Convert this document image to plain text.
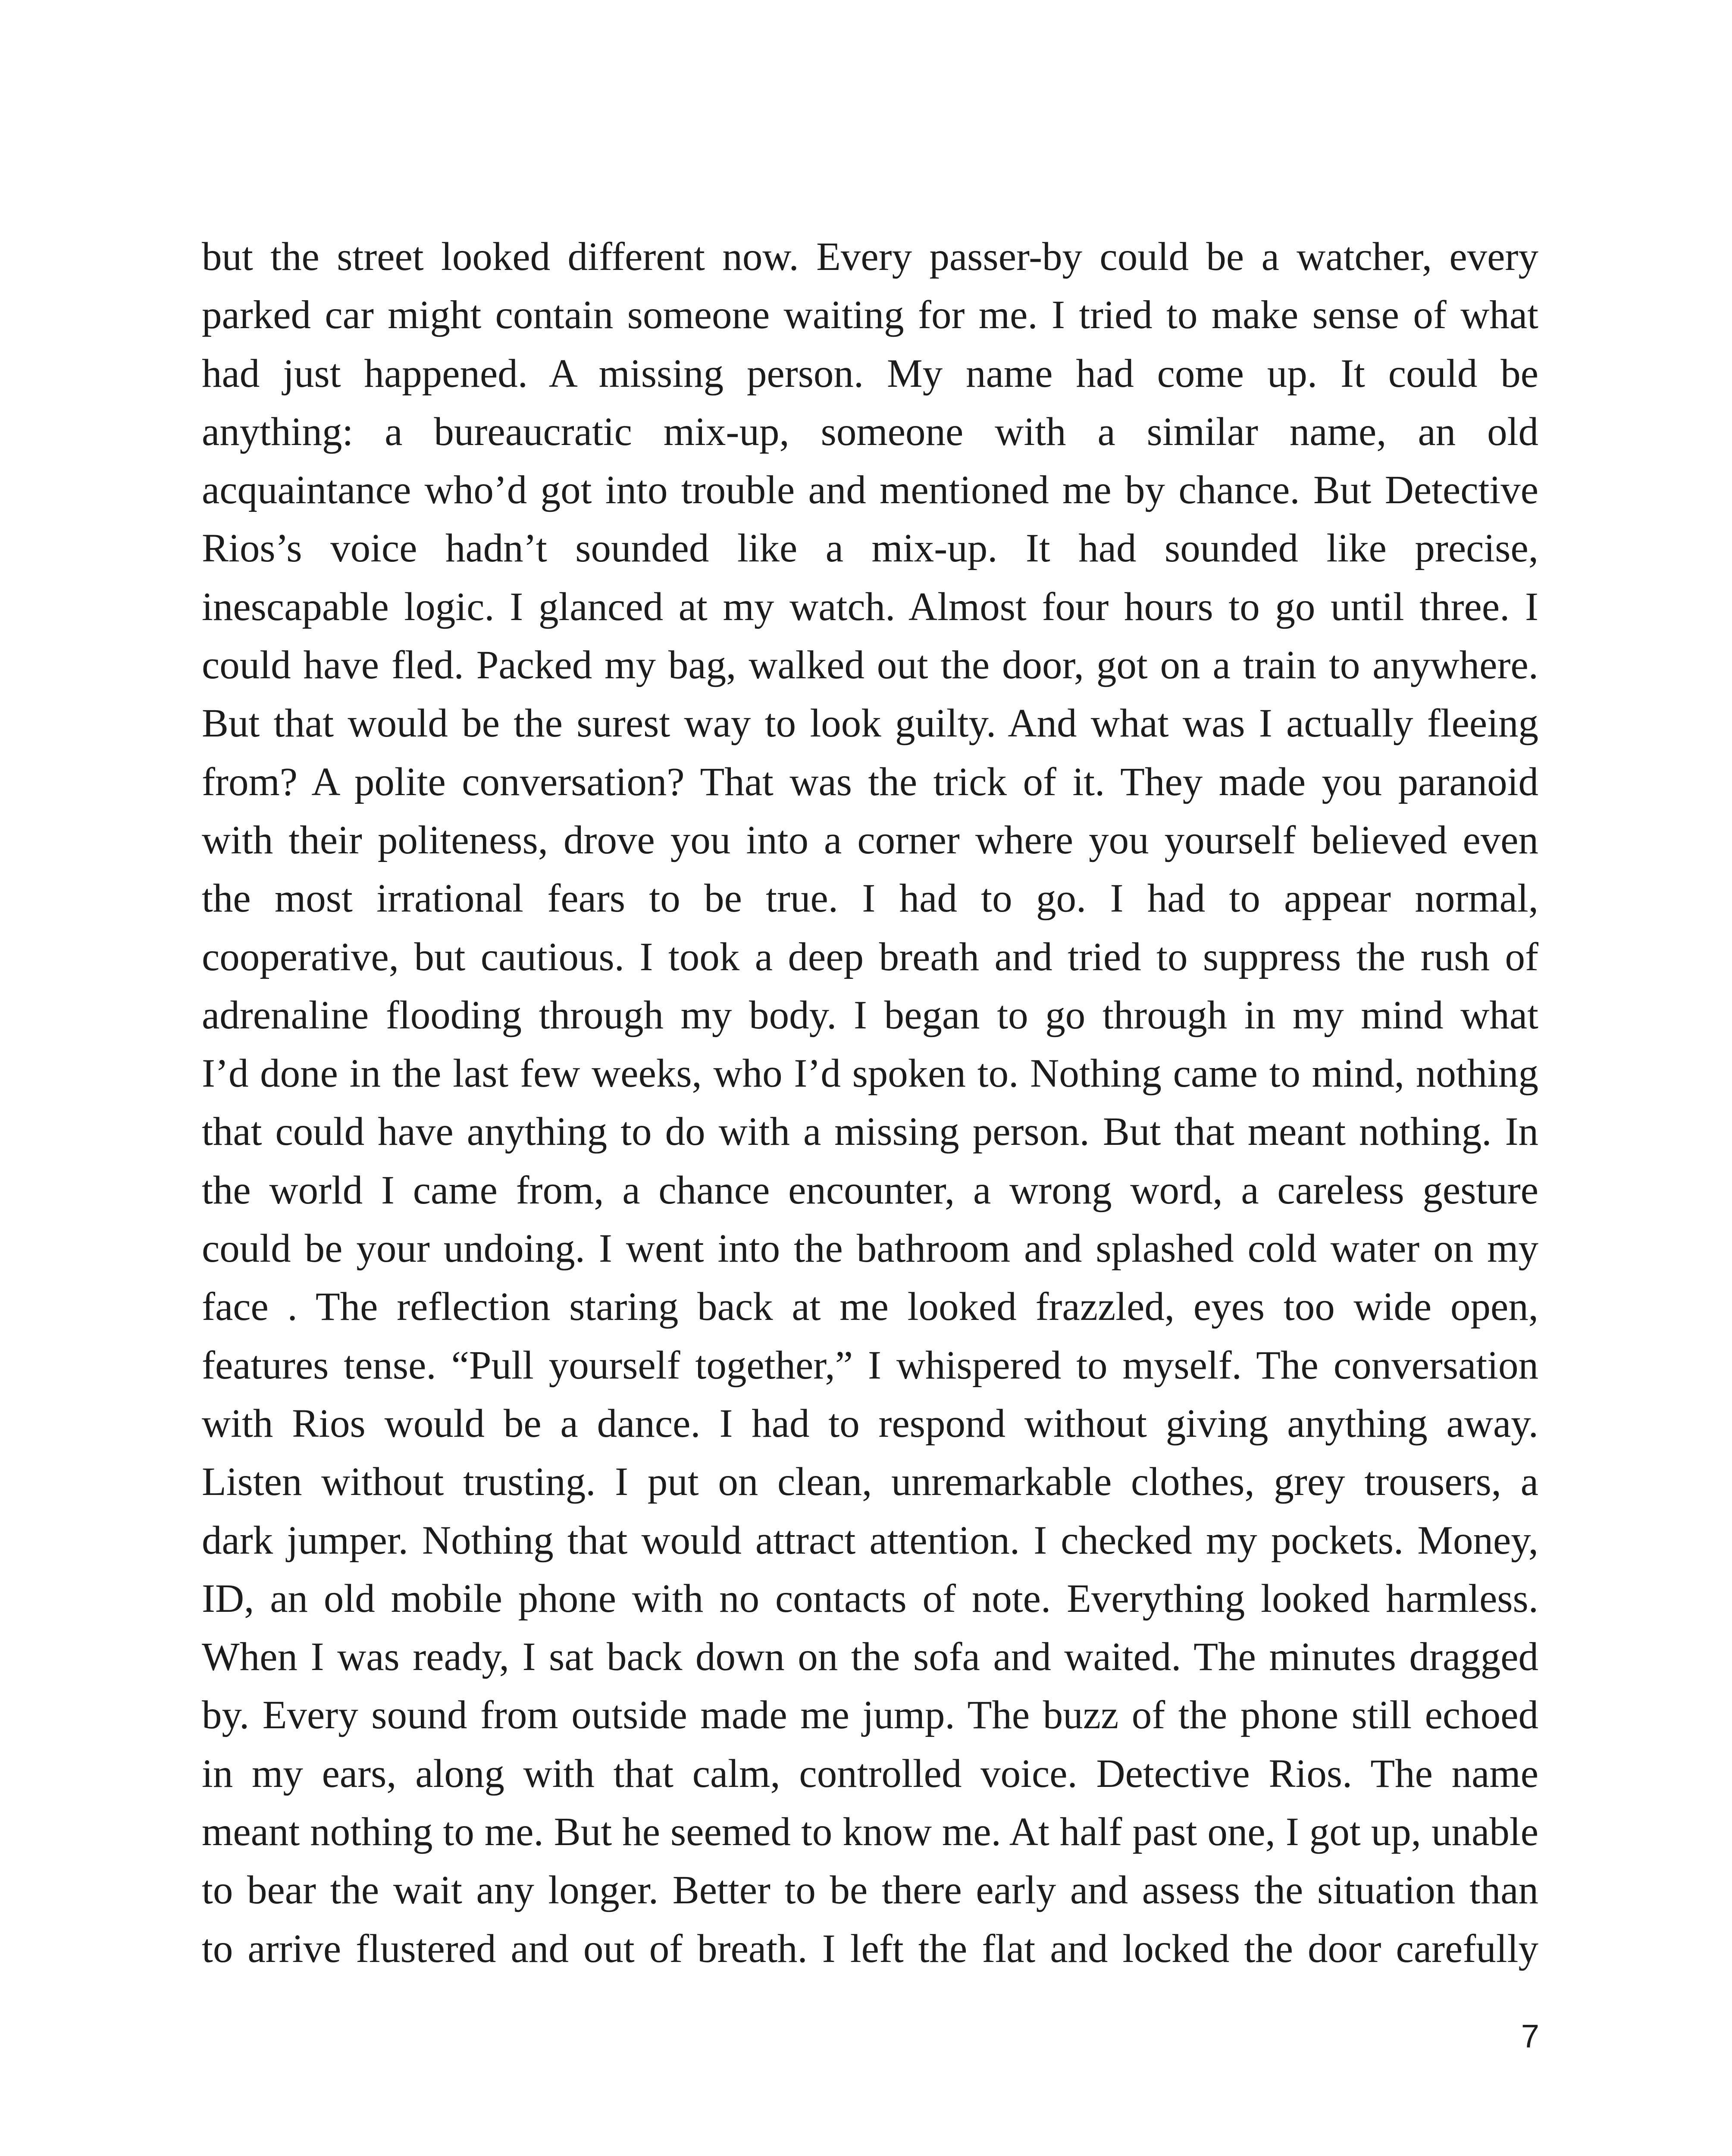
but the street looked different now. Every passer-by could be a watcher, every
parked car might contain someone waiting for me. I tried to make sense of what
had just happened. A missing person. My name had come up. It could be
anything: a bureaucratic mix-up, someone with a similar name, an old
acquaintance who’d got into trouble and mentioned me by chance. But Detective
Rios’s voice hadn’t sounded like a mix-up. It had sounded like precise,
inescapable logic. I glanced at my watch. Almost four hours to go until three. I
could have fled. Packed my bag, walked out the door, got on a train to anywhere.
But that would be the surest way to look guilty. And what was I actually fleeing
from? A polite conversation? That was the trick of it. They made you paranoid
with their politeness, drove you into a corner where you yourself believed even
the most irrational fears to be true. I had to go. I had to appear normal,
cooperative, but cautious. I took a deep breath and tried to suppress the rush of
adrenaline flooding through my body. I began to go through in my mind what
I’d done in the last few weeks, who I’d spoken to. Nothing came to mind, nothing
that could have anything to do with a missing person. But that meant nothing. In
the world I came from, a chance encounter, a wrong word, a careless gesture
could be your undoing. I went into the bathroom and splashed cold water on my
face . The reflection staring back at me looked frazzled, eyes too wide open,
features tense. “Pull yourself together,” I whispered to myself. The conversation
with Rios would be a dance. I had to respond without giving anything away.
Listen without trusting. I put on clean, unremarkable clothes, grey trousers, a
dark jumper. Nothing that would attract attention. I checked my pockets. Money,
ID, an old mobile phone with no contacts of note. Everything looked harmless.
When I was ready, I sat back down on the sofa and waited. The minutes dragged
by. Every sound from outside made me jump. The buzz of the phone still echoed
in my ears, along with that calm, controlled voice. Detective Rios. The name
meant nothing to me. But he seemed to know me. At half past one, I got up, unable
to bear the wait any longer. Better to be there early and assess the situation than
to arrive flustered and out of breath. I left the flat and locked the door carefully
7
